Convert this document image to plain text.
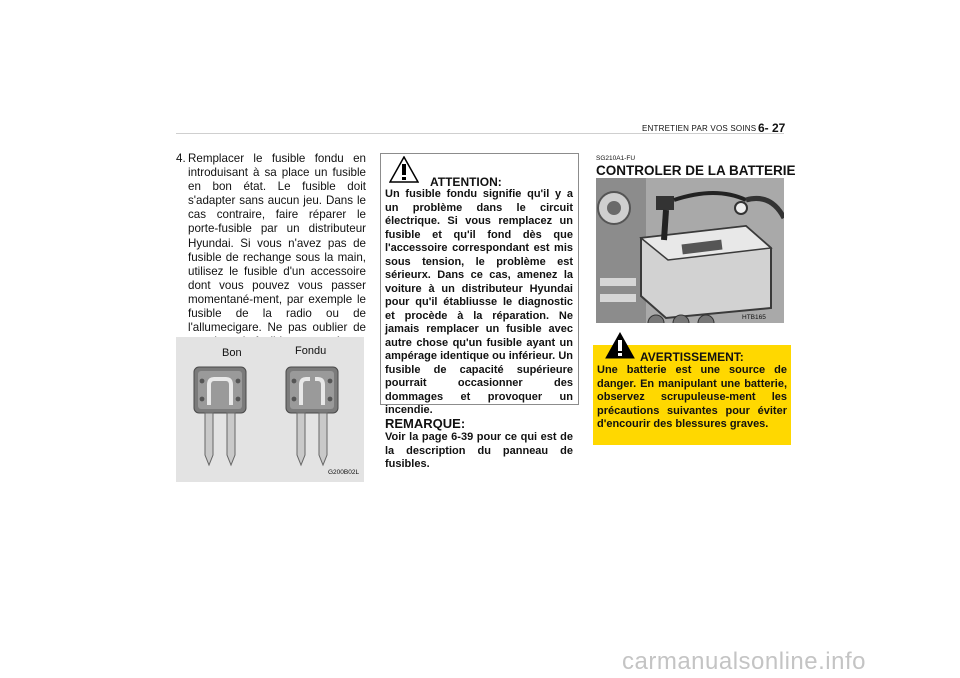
ENTRETIEN PAR VOS SOINS 6- 27
4. Remplacer le fusible fondu en introduisant à sa place un fusible en bon état. Le fusible doit s'adapter sans aucun jeu. Dans le cas contraire, faire réparer le porte-fusible par un distributeur Hyundai. Si vous n'avez pas de fusible de rechange sous la main, utilisez le fusible d'un accessoire dont vous pouvez vous passer momentané-ment, par exemple le fusible de la radio ou de l'allumecigare. Ne pas oublier de
Bon	Fondu
G200B02L
ATTENTION:
Un fusible fondu signifie qu'il y a un problème dans le circuit électrique. Si vous remplacez un fusible et qu'il fond dès que l'accessoire correspondant est mis sous tension, le problème est sérieurx. Dans ce cas, amenez la voiture à un distributeur Hyundai pour qu'il établiusse le diagnostic et procède à la réparation. Ne jamais remplacer un fusible avec autre chose qu'un fusible ayant un ampérage identique ou inférieur. Un fusible de capacité supérieure pourrait occasionner des dommages et provoquer un incendie.
REMARQUE:
Voir la page 6-39 pour ce qui est de la description du panneau de fusibles.
SG210A1-FU
CONTROLER DE LA BATTERIE
HTB165
AVERTISSEMENT:
Une batterie est une source de danger. En manipulant une batterie, observez scrupuleuse-ment les précautions suivantes pour éviter d'encourir des blessures graves.
carmanualsonline.info
